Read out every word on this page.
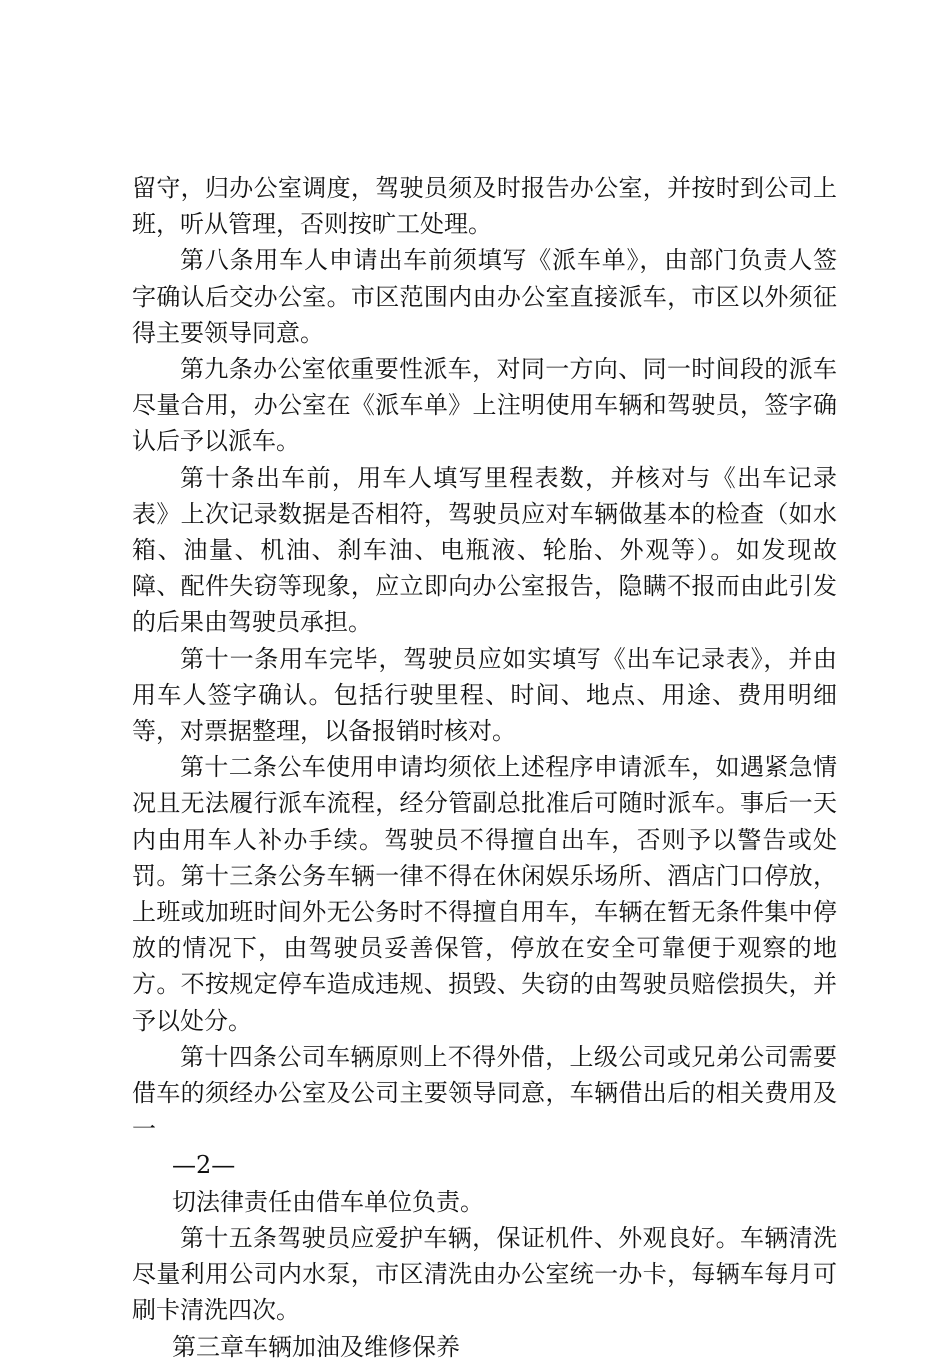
留守，归办公室调度，驾驶员须及时报告办公室，并按时到公司上班，听从管理，否则按旷工处理。

第八条用车人申请出车前须填写《派车单》，由部门负责人签字确认后交办公室。市区范围内由办公室直接派车，市区以外须征得主要领导同意。

第九条办公室依重要性派车，对同一方向、同一时间段的派车尽量合用，办公室在《派车单》上注明使用车辆和驾驶员，签字确认后予以派车。

第十条出车前，用车人填写里程表数，并核对与《出车记录表》上次记录数据是否相符，驾驶员应对车辆做基本的检查（如水箱、油量、机油、刹车油、电瓶液、轮胎、外观等）。如发现故障、配件失窃等现象，应立即向办公室报告，隐瞒不报而由此引发的后果由驾驶员承担。

第十一条用车完毕，驾驶员应如实填写《出车记录表》，并由用车人签字确认。包括行驶里程、时间、地点、用途、费用明细等，对票据整理，以备报销时核对。

第十二条公车使用申请均须依上述程序申请派车，如遇紧急情况且无法履行派车流程，经分管副总批准后可随时派车。事后一天内由用车人补办手续。驾驶员不得擅自出车，否则予以警告或处罚。第十三条公务车辆一律不得在休闲娱乐场所、酒店门口停放，上班或加班时间外无公务时不得擅自用车，车辆在暂无条件集中停放的情况下，由驾驶员妥善保管，停放在安全可靠便于观察的地方。不按规定停车造成违规、损毁、失窃的由驾驶员赔偿损失，并予以处分。

第十四条公司车辆原则上不得外借，上级公司或兄弟公司需要借车的须经办公室及公司主要领导同意，车辆借出后的相关费用及一

—2—

切法律责任由借车单位负责。

第十五条驾驶员应爱护车辆，保证机件、外观良好。车辆清洗尽量利用公司内水泵，市区清洗由办公室统一办卡，每辆车每月可刷卡清洗四次。

第三章车辆加油及维修保养
